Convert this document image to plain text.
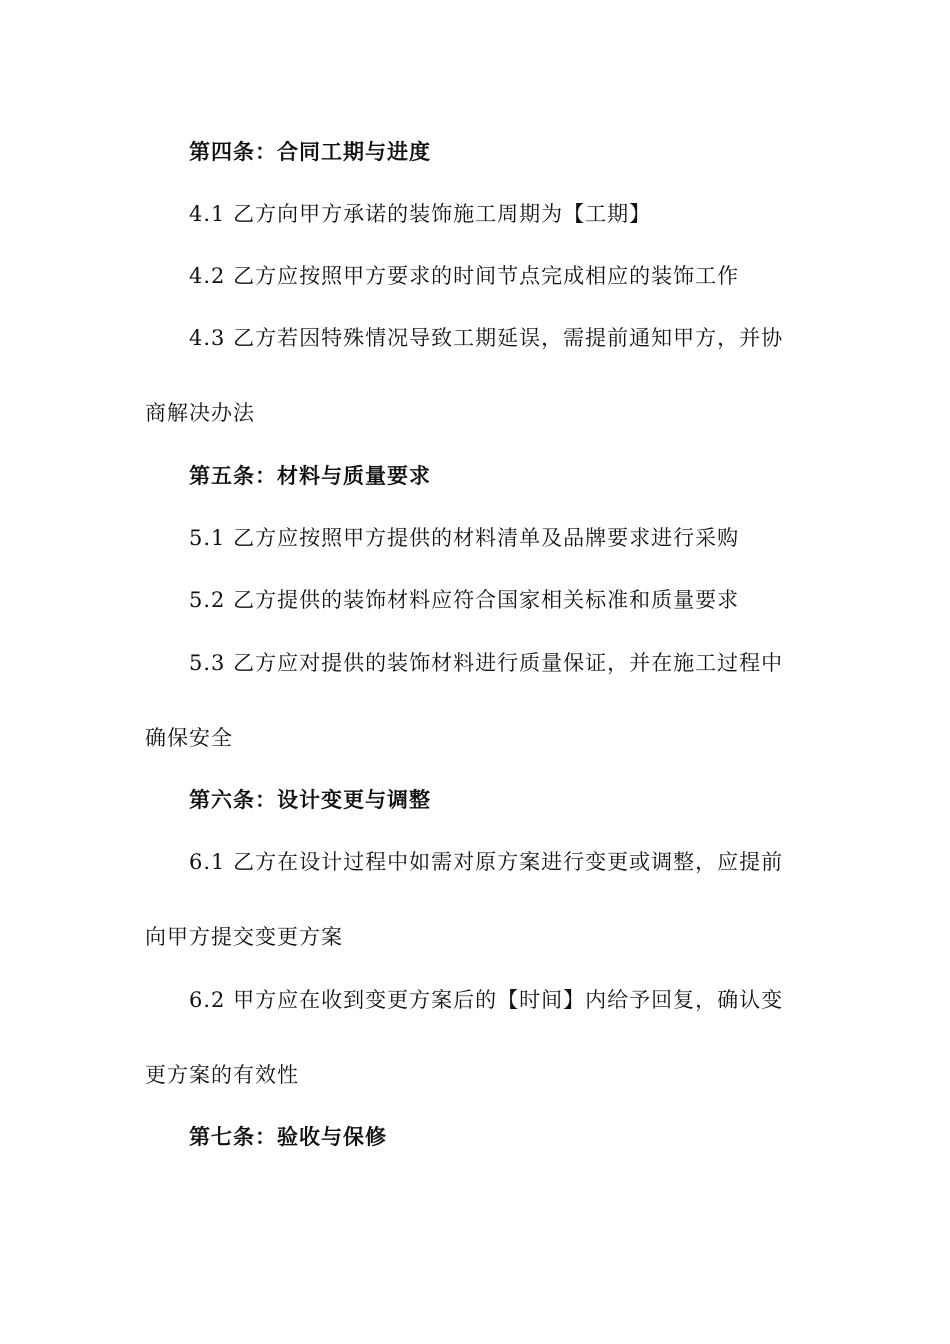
第四条：合同工期与进度
4.1 乙方向甲方承诺的装饰施工周期为【工期】
4.2 乙方应按照甲方要求的时间节点完成相应的装饰工作
4.3 乙方若因特殊情况导致工期延误，需提前通知甲方，并协
商解决办法
第五条：材料与质量要求
5.1 乙方应按照甲方提供的材料清单及品牌要求进行采购
5.2 乙方提供的装饰材料应符合国家相关标准和质量要求
5.3 乙方应对提供的装饰材料进行质量保证，并在施工过程中
确保安全
第六条：设计变更与调整
6.1 乙方在设计过程中如需对原方案进行变更或调整，应提前
向甲方提交变更方案
6.2 甲方应在收到变更方案后的【时间】内给予回复，确认变
更方案的有效性
第七条：验收与保修
